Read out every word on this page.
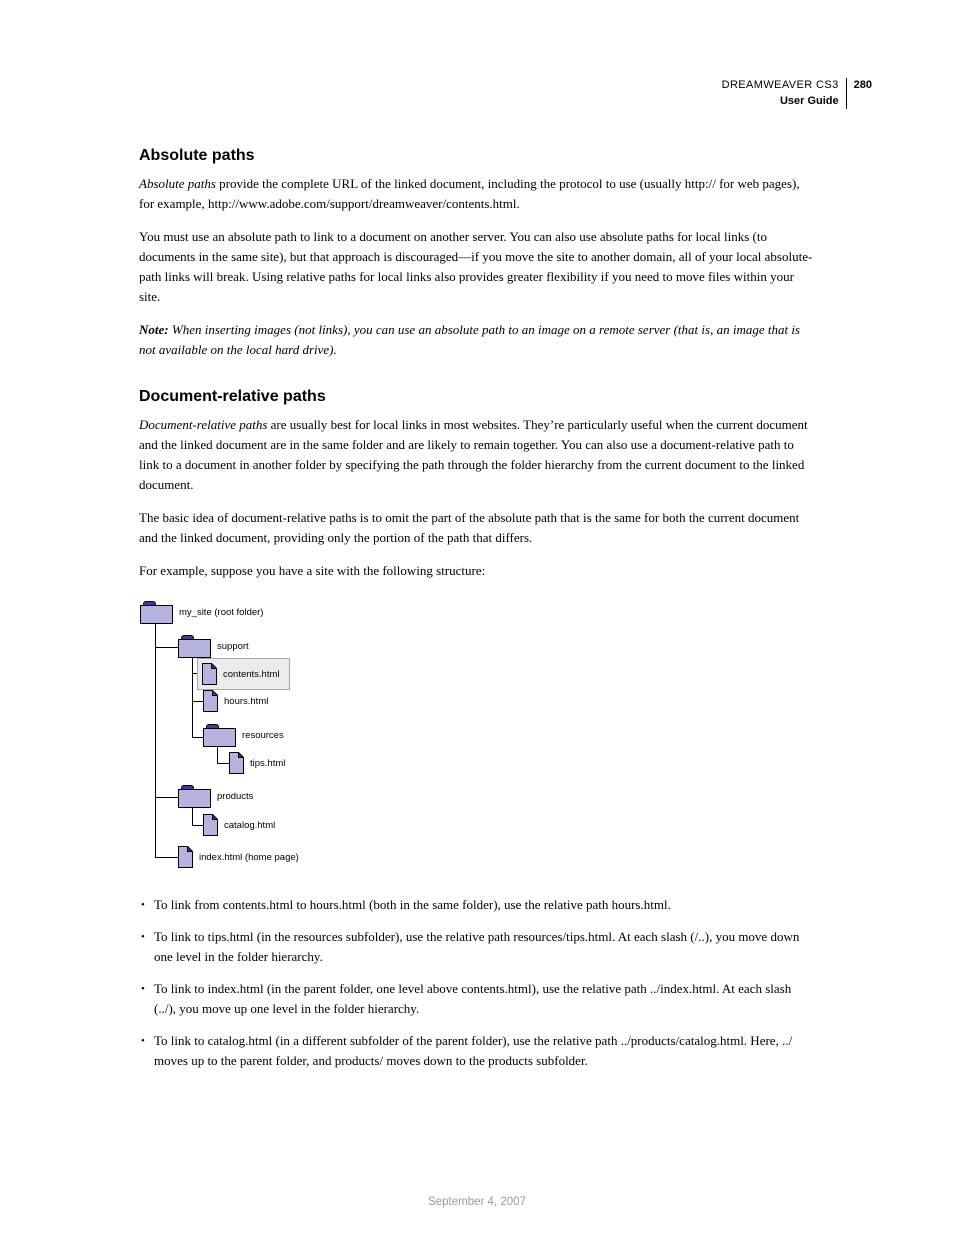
DREAMWEAVER CS3
User Guide
280
Absolute paths

Absolute paths provide the complete URL of the linked document, including the protocol to use (usually http:// for web pages), for example, http://www.adobe.com/support/dreamweaver/contents.html.

You must use an absolute path to link to a document on another server. You can also use absolute paths for local links (to documents in the same site), but that approach is discouraged—if you move the site to another domain, all of your local absolute-path links will break. Using relative paths for local links also provides greater flexibility if you need to move files within your site.

Note: When inserting images (not links), you can use an absolute path to an image on a remote server (that is, an image that is not available on the local hard drive).

Document-relative paths

Document-relative paths are usually best for local links in most websites. They’re particularly useful when the current document and the linked document are in the same folder and are likely to remain together. You can also use a document-relative path to link to a document in another folder by specifying the path through the folder hierarchy from the current document to the linked document.

The basic idea of document-relative paths is to omit the part of the absolute path that is the same for both the current document and the linked document, providing only the portion of the path that differs.

For example, suppose you have a site with the following structure:

my_site (root folder)
support
contents.html
hours.html
resources
tips.html
products
catalog.html
index.html (home page)
• To link from contents.html to hours.html (both in the same folder), use the relative path hours.html.
• To link to tips.html (in the resources subfolder), use the relative path resources/tips.html. At each slash (/..), you move down one level in the folder hierarchy.
• To link to index.html (in the parent folder, one level above contents.html), use the relative path ../index.html. At each slash (../), you move up one level in the folder hierarchy.
• To link to catalog.html (in a different subfolder of the parent folder), use the relative path ../products/catalog.html. Here, ../ moves up to the parent folder, and products/ moves down to the products subfolder.
September 4, 2007
